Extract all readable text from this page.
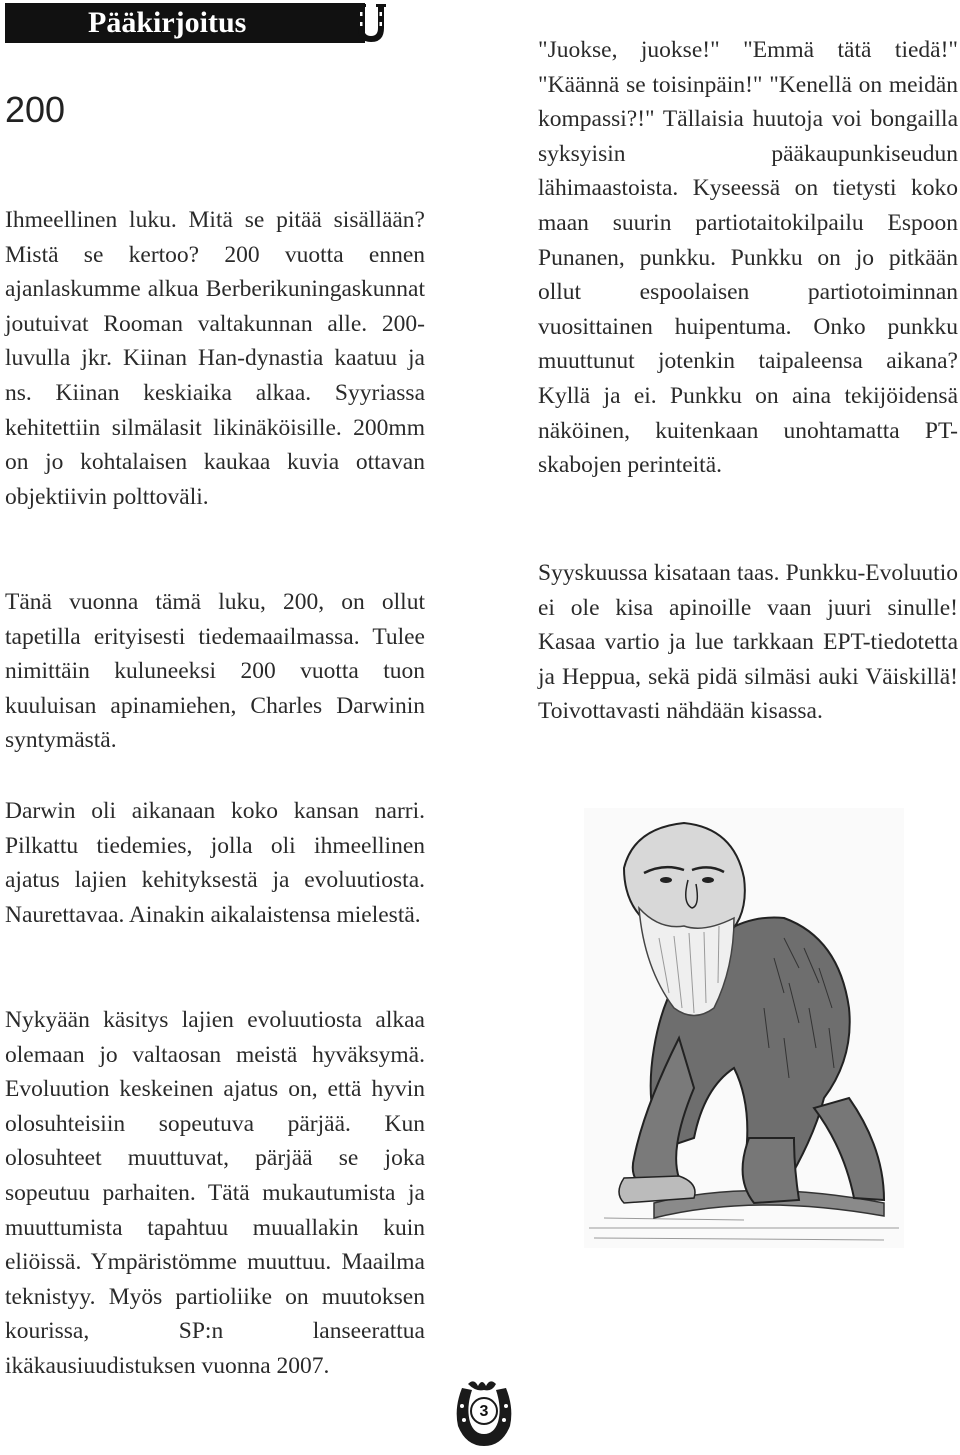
Pääkirjoitus
200

Ihmeellinen luku. Mitä se pitää sisällään? Mistä se kertoo? 200 vuotta ennen ajanlaskumme alkua Berberikuningaskunnat joutuivat Rooman valtakunnan alle. 200-luvulla jkr. Kiinan Han-dynastia kaatuu ja ns. Kiinan keskiaika alkaa. Syyriassa kehitettiin silmälasit likinäköisille. 200mm on jo kohtalaisen kaukaa kuvia ottavan objektiivin polttoväli.

Tänä vuonna tämä luku, 200, on ollut tapetilla erityisesti tiedemaailmassa. Tulee nimittäin kuluneeksi 200 vuotta tuon kuuluisan apinamiehen, Charles Darwinin syntymästä.

Darwin oli aikanaan koko kansan narri. Pilkattu tiedemies, jolla oli ihmeellinen ajatus lajien kehityksestä ja evoluutiosta. Naurettavaa. Ainakin aikalaistensa mielestä.

Nykyään käsitys lajien evoluutiosta alkaa olemaan jo valtaosan meistä hyväksymä. Evoluution keskeinen ajatus on, että hyvin olosuhteisiin sopeutuva pärjää. Kun olosuhteet muuttuvat, pärjää se joka sopeutuu parhaiten. Tätä mukautumista ja muuttumista tapahtuu muuallakin kuin eliöissä. Ympäristömme muuttuu. Maailma teknistyy. Myös partioliike on muutoksen kourissa, SP:n lanseerattua ikäkausiuudistuksen vuonna 2007.

"Juokse, juokse!" "Emmä tätä tiedä!" "Käännä se toisinpäin!" "Kenellä on meidän kompassi?!" Tällaisia huutoja voi bongailla syksyisin pääkaupunkiseudun lähimaastoista. Kyseessä on tietysti koko maan suurin partiotaitokilpailu Espoon Punanen, punkku. Punkku on jo pitkään ollut espoolaisen partiotoiminnan vuosittainen huipentuma. Onko punkku muuttunut jotenkin taipaleensa aikana? Kyllä ja ei. Punkku on aina tekijöidensä näköinen, kuitenkaan unohtamatta PT-skabojen perinteitä.

Syyskuussa kisataan taas. Punkku-Evoluutio ei ole kisa apinoille vaan juuri sinulle! Kasaa vartio ja lue tarkkaan EPT-tiedotetta ja Heppua, sekä pidä silmäsi auki Väiskillä! Toivottavasti nähdään kisassa.

3
